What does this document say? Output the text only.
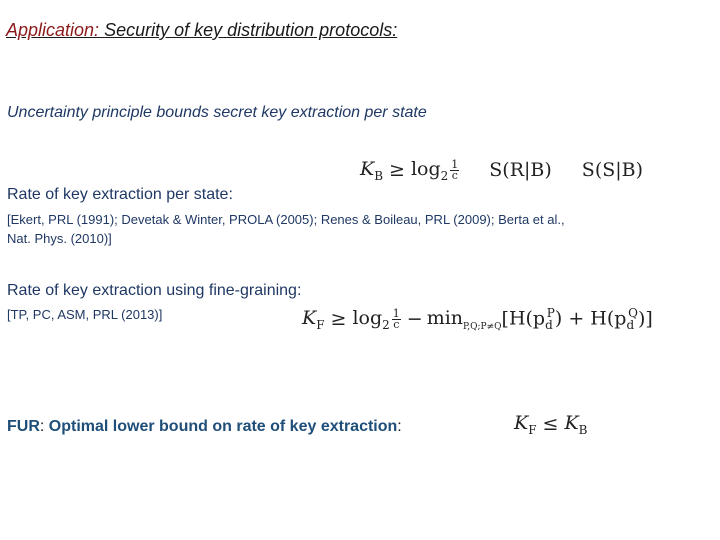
Application: Security of key distribution protocols:
Uncertainty principle bounds secret key extraction per state
Rate of key extraction per state:
$K_B \ge \log_2 \frac{1}{c} S(R|B)$ S(S|B)
[Ekert, PRL (1991); Devetak & Winter, PROLA (2005); Renes & Boileau, PRL (2009); Berta et al.,
Nat. Phys. (2010)]
Rate of key extraction using fine-graining:
[TP, PC, ASM, PRL (2013)]	$K_F \ge \log_2 \frac{1}{c} - \min_{P,Q;P\ne Q}$ [ $H(p_d^P) + H(p_d^Q$ )]
FUR: Optimal lower bound on rate of key extraction:	$K_F \le K_B$
